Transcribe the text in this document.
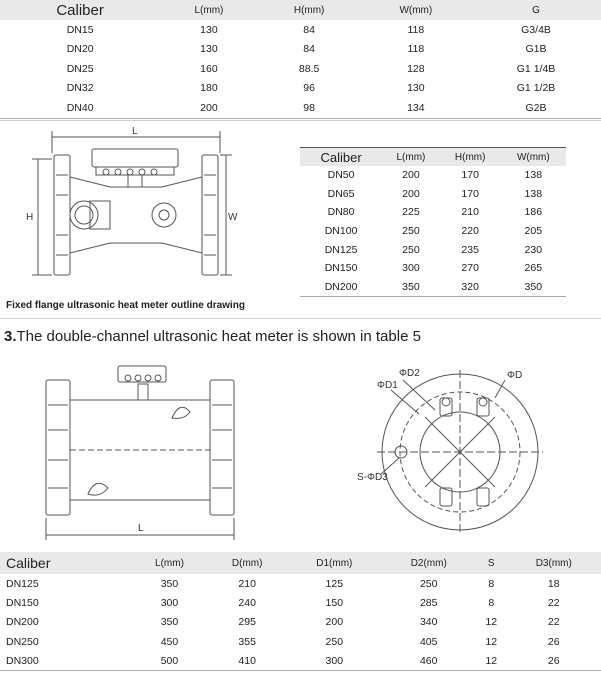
Caliber	L(mm)	H(mm)	W(mm)	G
DN15	130	84	118	G3/4B
DN20	130	84	118	G1B
DN25	160	88.5	128	G1 1/4B
DN32	180	96	130	G1 1/2B
DN40	200	98	134	G2B
L
H	W
Caliber	L(mm)	H(mm)	W(mm)
DN50	200	170	138
DN65	200	170	138
DN80	225	210	186
DN100	250	220	205
DN125	250	235	230
DN150	300	270	265
DN200	350	320	350
Fixed flange ultrasonic heat meter outline drawing
3.The double-channel ultrasonic heat meter is shown in table 5
L
ΦD2
ΦD1
ΦD
S-ΦD3
Caliber	L(mm)	D(mm)	D1(mm)	D2(mm)	S	D3(mm)
DN125	350	210	125	250	8	18
DN150	300	240	150	285	8	22
DN200	350	295	200	340	12	22
DN250	450	355	250	405	12	26
DN300	500	410	300	460	12	26
